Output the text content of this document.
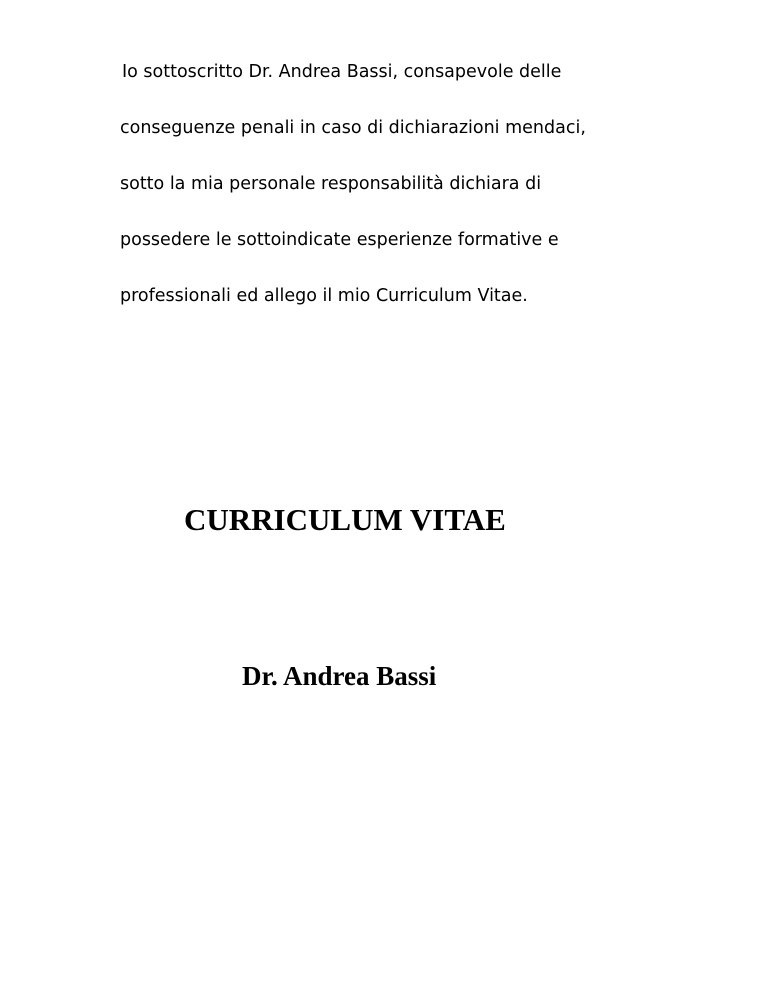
Io sottoscritto Dr. Andrea Bassi, consapevole delle
conseguenze penali in caso di dichiarazioni mendaci,
sotto la mia personale responsabilità dichiara di
possedere le sottoindicate esperienze formative e
professionali ed allego il mio Curriculum Vitae.
CURRICULUM VITAE
Dr. Andrea Bassi
